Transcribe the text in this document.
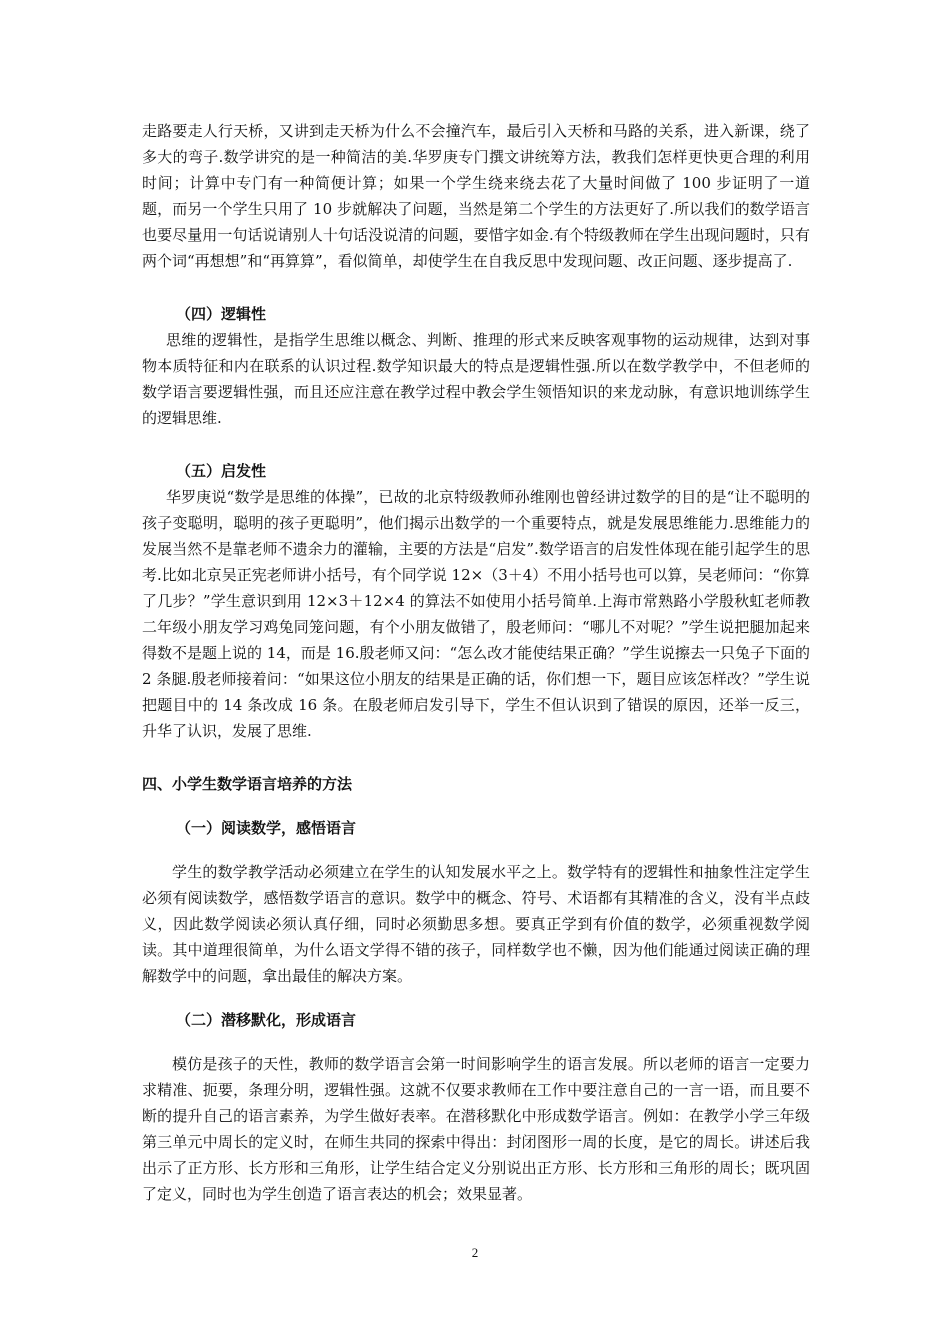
走路要走人行天桥，又讲到走天桥为什么不会撞汽车，最后引入天桥和马路的关系，进入新课，绕了多大的弯子.数学讲究的是一种简洁的美.华罗庚专门撰文讲统筹方法，教我们怎样更快更合理的利用时间；计算中专门有一种简便计算；如果一个学生绕来绕去花了大量时间做了 100 步证明了一道题，而另一个学生只用了 10 步就解决了问题，当然是第二个学生的方法更好了.所以我们的数学语言也要尽量用一句话说请别人十句话没说清的问题，要惜字如金.有个特级教师在学生出现问题时，只有两个词“再想想”和“再算算”，看似简单，却使学生在自我反思中发现问题、改正问题、逐步提高了.

（四）逻辑性

思维的逻辑性，是指学生思维以概念、判断、推理的形式来反映客观事物的运动规律，达到对事物本质特征和内在联系的认识过程.数学知识最大的特点是逻辑性强.所以在数学教学中，不但老师的数学语言要逻辑性强，而且还应注意在教学过程中教会学生领悟知识的来龙动脉，有意识地训练学生的逻辑思维.

（五）启发性

华罗庚说“数学是思维的体操”，已故的北京特级教师孙维刚也曾经讲过数学的目的是“让不聪明的孩子变聪明，聪明的孩子更聪明”，他们揭示出数学的一个重要特点，就是发展思维能力.思维能力的发展当然不是靠老师不遗余力的灌输，主要的方法是“启发”.数学语言的启发性体现在能引起学生的思考.比如北京吴正宪老师讲小括号，有个同学说 12×（3＋4）不用小括号也可以算，吴老师问：“你算了几步？”学生意识到用 12×3＋12×4 的算法不如使用小括号简单.上海市常熟路小学殷秋虹老师教二年级小朋友学习鸡兔同笼问题，有个小朋友做错了，殷老师问：“哪儿不对呢？”学生说把腿加起来得数不是题上说的 14，而是 16.殷老师又问：“怎么改才能使结果正确？”学生说擦去一只兔子下面的 2 条腿.殷老师接着问：“如果这位小朋友的结果是正确的话，你们想一下，题目应该怎样改？”学生说把题目中的 14 条改成 16 条。在殷老师启发引导下，学生不但认识到了错误的原因，还举一反三，升华了认识，发展了思维.

四、小学生数学语言培养的方法

（一）阅读数学，感悟语言

学生的数学教学活动必须建立在学生的认知发展水平之上。数学特有的逻辑性和抽象性注定学生必须有阅读数学，感悟数学语言的意识。数学中的概念、符号、术语都有其精准的含义，没有半点歧义，因此数学阅读必须认真仔细，同时必须勤思多想。要真正学到有价值的数学，必须重视数学阅读。其中道理很简单，为什么语文学得不错的孩子，同样数学也不懒，因为他们能通过阅读正确的理解数学中的问题，拿出最佳的解决方案。

（二）潜移默化，形成语言

模仿是孩子的天性，教师的数学语言会第一时间影响学生的语言发展。所以老师的语言一定要力求精准、扼要，条理分明，逻辑性强。这就不仅要求教师在工作中要注意自己的一言一语，而且要不断的提升自己的语言素养，为学生做好表率。在潜移默化中形成数学语言。例如：在教学小学三年级第三单元中周长的定义时，在师生共同的探索中得出：封闭图形一周的长度，是它的周长。讲述后我出示了正方形、长方形和三角形，让学生结合定义分别说出正方形、长方形和三角形的周长；既巩固了定义，同时也为学生创造了语言表达的机会；效果显著。

2
